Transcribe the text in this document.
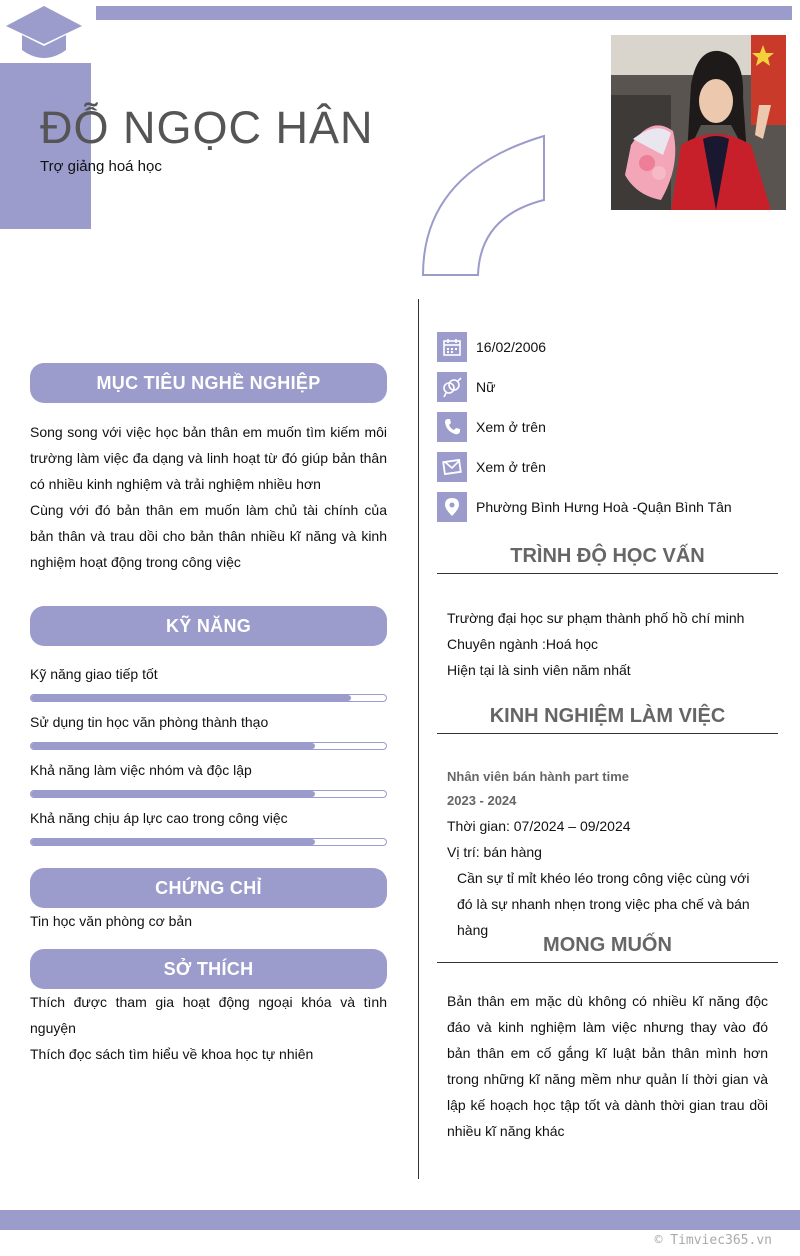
ĐỖ NGỌC HÂN
Trợ giảng hoá học
MỤC TIÊU NGHỀ NGHIỆP

Song song với việc học bản thân em muốn tìm kiếm môi trường làm việc đa dạng và linh hoạt từ đó giúp bản thân có nhiều kinh nghiệm và trải nghiệm nhiều hơn

Cùng với đó bản thân em muốn làm chủ tài chính của bản thân và trau dồi cho bản thân nhiều kĩ năng và kinh nghiệm hoạt động trong công việc

KỸ NĂNG
Kỹ năng giao tiếp tốt
Sử dụng tin học văn phòng thành thạo
Khả năng làm việc nhóm và độc lập
Khả năng chịu áp lực cao trong công việc
CHỨNG CHỈ

Tin học văn phòng cơ bản

SỞ THÍCH

Thích được tham gia hoạt động ngoại khóa và tình nguyện

Thích đọc sách tìm hiểu về khoa học tự nhiên

16/02/2006
Nữ
Xem ở trên
Xem ở trên
Phường Bình Hưng Hoà -Quận Bình Tân
TRÌNH ĐỘ HỌC VẤN

Trường đại học sư phạm thành phố hồ chí minh

Chuyên ngành :Hoá học

Hiện tại là sinh viên năm nhất

KINH NGHIỆM LÀM VIỆC

Nhân viên bán hành part time

2023 - 2024

Thời gian: 07/2024 – 09/2024

Vị trí: bán hàng

Cần sự tỉ mỉt khéo léo trong công việc cùng với đó là sự nhanh nhẹn trong việc pha chế và bán hàng

MONG MUỐN

Bản thân em mặc dù không có nhiều kĩ năng độc đáo và kinh nghiệm làm việc nhưng thay vào đó bản thân em cố gắng kĩ luật bản thân mình hơn trong những kĩ năng mềm như quản lí thời gian và lập kế hoạch học tập tốt và dành thời gian trau dồi nhiều kĩ năng khác

© Timviec365.vn
